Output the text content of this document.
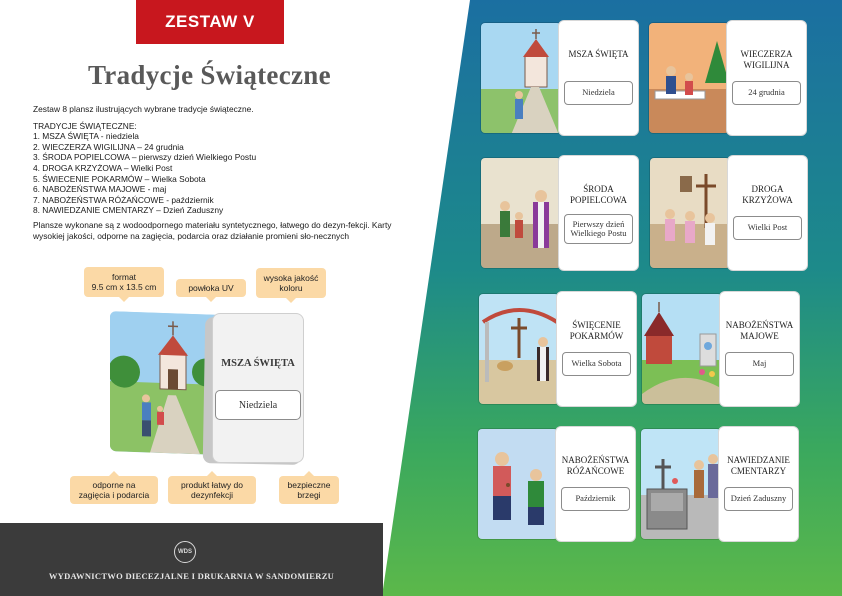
ZESTAW V
Tradycje Świąteczne
Zestaw 8 plansz ilustrujących wybrane tradycje świąteczne.
TRADYCJE ŚWIĄTECZNE:
1. MSZA ŚWIĘTA - niedziela
2. WIECZERZA WIGILIJNA – 24 grudnia
3. ŚRODA POPIELCOWA – pierwszy dzień Wielkiego Postu
4. DROGA KRZYŻOWA – Wielki Post
5. ŚWIECENIE POKARMÓW – Wielka Sobota
6. NABOŻEŃSTWA MAJOWE - maj
7. NABOŻEŃSTWA RÓŻAŃCOWE - październik
8. NAWIEDZANIE CMENTARZY – Dzień Zaduszny
Plansze wykonane są z wodoodpornego materiału syntetycznego, łatwego do dezyn-fekcji. Karty wysokiej jakości, odporne na zagięcia, podarcia oraz działanie promieni sło-necznych
format
9.5 cm x 13.5 cm	powłoka UV
wysoka jakość
koloru
odporne na
zagięcia i podarcia
produkt łatwy do
dezynfekcji
bezpieczne
brzegi
MSZA ŚWIĘTA
Niedziela
WDS
WYDAWNICTWO DIECEZJALNE I DRUKARNIA W SANDOMIERZU
MSZA ŚWIĘTA
Niedziela
WIECZERZA WIGILIJNA
24 grudnia
ŚRODA POPIELCOWA
Pierwszy dzień Wielkiego Postu
DROGA KRZYŻOWA
Wielki Post
ŚWIĘCENIE POKARMÓW
Wielka Sobota
NABOŻEŃSTWA MAJOWE
Maj
NABOŻEŃSTWA RÓŻAŃCOWE
Październik
NAWIEDZANIE CMENTARZY
Dzień Zaduszny
